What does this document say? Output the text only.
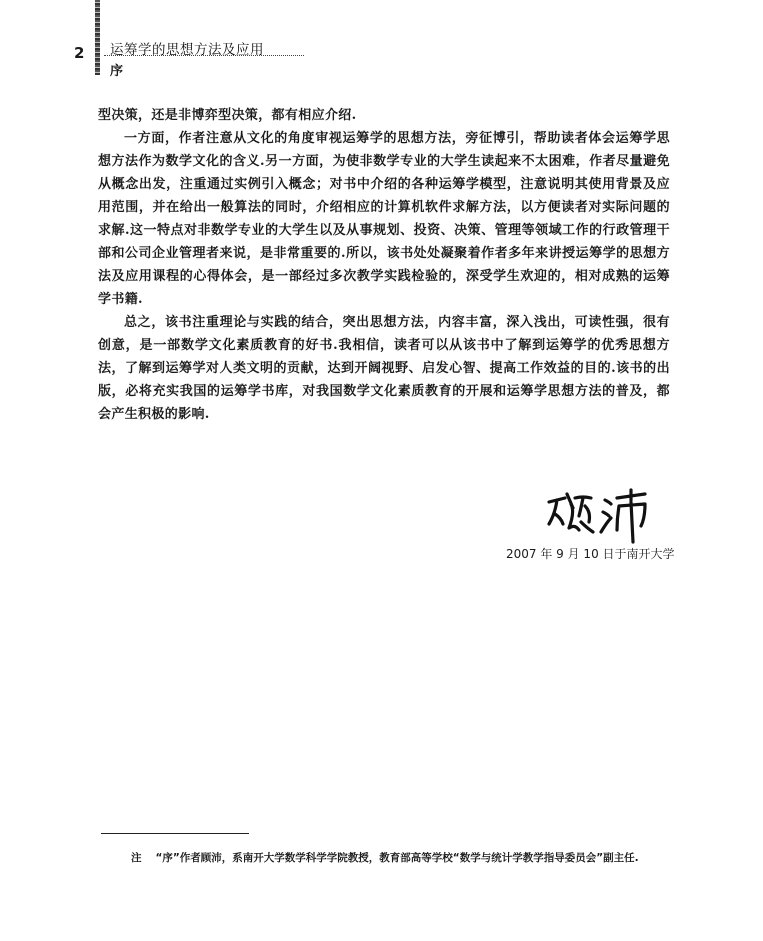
2 运筹学的思想方法及应用
序

型决策，还是非博弈型决策，都有相应介绍.

一方面，作者注意从文化的角度审视运筹学的思想方法，旁征博引，帮助读者体会运筹学思想方法作为数学文化的含义.另一方面，为使非数学专业的大学生读起来不太困难，作者尽量避免从概念出发，注重通过实例引入概念；对书中介绍的各种运筹学模型，注意说明其使用背景及应用范围，并在给出一般算法的同时，介绍相应的计算机软件求解方法，以方便读者对实际问题的求解.这一特点对非数学专业的大学生以及从事规划、投资、决策、管理等领域工作的行政管理干部和公司企业管理者来说，是非常重要的.所以，该书处处凝聚着作者多年来讲授运筹学的思想方法及应用课程的心得体会，是一部经过多次教学实践检验的，深受学生欢迎的，相对成熟的运筹学书籍.

总之，该书注重理论与实践的结合，突出思想方法，内容丰富，深入浅出，可读性强，很有创意，是一部数学文化素质教育的好书.我相信，读者可以从该书中了解到运筹学的优秀思想方法，了解到运筹学对人类文明的贡献，达到开阔视野、启发心智、提高工作效益的目的.该书的出版，必将充实我国的运筹学书库，对我国数学文化素质教育的开展和运筹学思想方法的普及，都会产生积极的影响.

2007 年 9 月 10 日于南开大学
注 “序”作者顾沛，系南开大学数学科学学院教授，教育部高等学校“数学与统计学教学指导委员会”副主任.
